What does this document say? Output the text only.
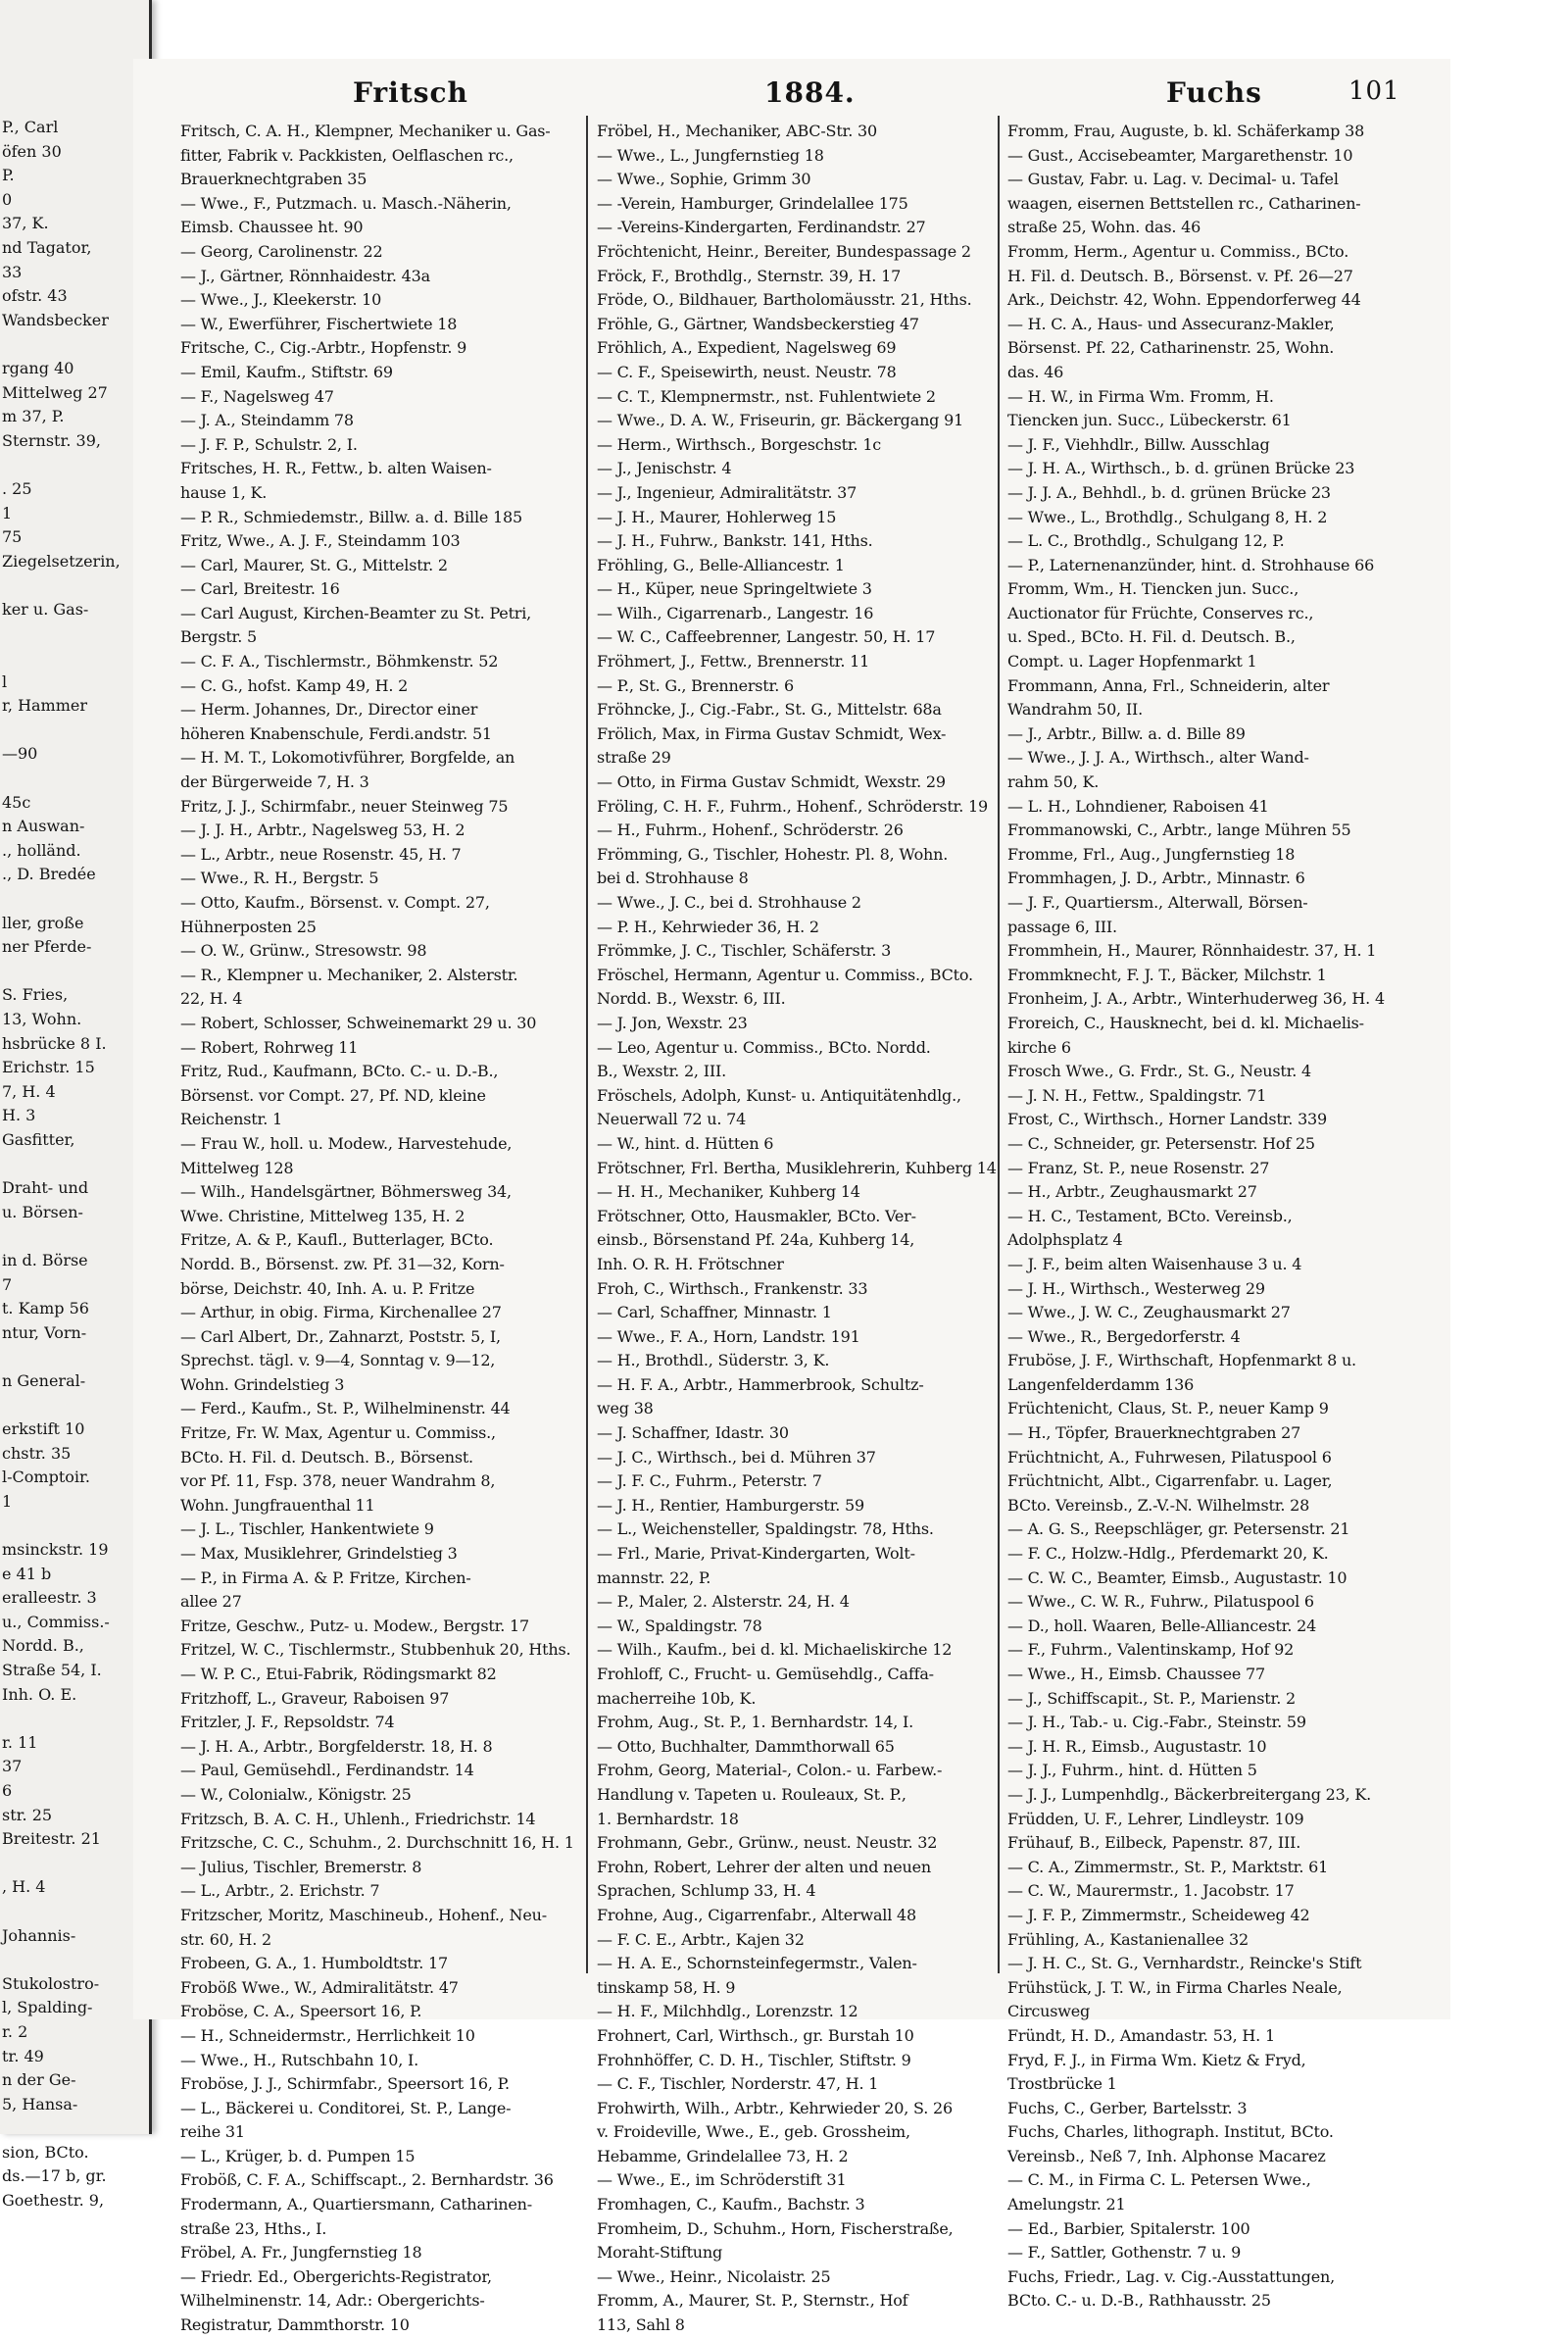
P., Carl
öfen 30
P.
0
37, K.
nd Tagator,
33
ofstr. 43
Wandsbecker
rgang 40
Mittelweg 27
m 37, P.
Sternstr. 39,
. 25
1
75
Ziegelsetzerin,
ker u. Gas-
l
r, Hammer
—90
45c
n Auswan-
., holländ.
., D. Bredée
ller, große
ner Pferde-
S. Fries,
13, Wohn.
hsbrücke 8 I.
Erichstr. 15
7, H. 4
H. 3
Gasfitter,
Draht- und
u. Börsen-
in d. Börse
7
t. Kamp 56
ntur, Vorn-
n General-
erkstift 10
chstr. 35
l-Comptoir.
1
msinckstr. 19
e 41 b
eralleestr. 3
u., Commiss.-
Nordd. B.,
Straße 54, I.
Inh. O. E.
r. 11
37
6
str. 25
Breitestr. 21
, H. 4
Johannis-
Stukolostro-
l, Spalding-
r. 2
tr. 49
n der Ge-
5, Hansa-
sion, BCto.
ds.—17 b, gr.
Goethestr. 9,
Fritsch	1884.	Fuchs	101
Fritsch, C. A. H., Klempner, Mechaniker u. Gas-
fitter, Fabrik v. Packkisten, Oelflaschen rc.,
Brauerknechtgraben 35
— Wwe., F., Putzmach. u. Masch.-Näherin,
Eimsb. Chaussee ht. 90
— Georg, Carolinenstr. 22
— J., Gärtner, Rönnhaidestr. 43a
— Wwe., J., Kleekerstr. 10
— W., Ewerführer, Fischertwiete 18
Fritsche, C., Cig.-Arbtr., Hopfenstr. 9
— Emil, Kaufm., Stiftstr. 69
— F., Nagelsweg 47
— J. A., Steindamm 78
— J. F. P., Schulstr. 2, I.
Fritsches, H. R., Fettw., b. alten Waisen-
hause 1, K.
— P. R., Schmiedemstr., Billw. a. d. Bille 185
Fritz, Wwe., A. J. F., Steindamm 103
— Carl, Maurer, St. G., Mittelstr. 2
— Carl, Breitestr. 16
— Carl August, Kirchen-Beamter zu St. Petri,
Bergstr. 5
— C. F. A., Tischlermstr., Böhmkenstr. 52
— C. G., hofst. Kamp 49, H. 2
— Herm. Johannes, Dr., Director einer
höheren Knabenschule, Ferdi.andstr. 51
— H. M. T., Lokomotivführer, Borgfelde, an
der Bürgerweide 7, H. 3
Fritz, J. J., Schirmfabr., neuer Steinweg 75
— J. J. H., Arbtr., Nagelsweg 53, H. 2
— L., Arbtr., neue Rosenstr. 45, H. 7
— Wwe., R. H., Bergstr. 5
— Otto, Kaufm., Börsenst. v. Compt. 27,
Hühnerposten 25
— O. W., Grünw., Stresowstr. 98
— R., Klempner u. Mechaniker, 2. Alsterstr.
22, H. 4
— Robert, Schlosser, Schweinemarkt 29 u. 30
— Robert, Rohrweg 11
Fritz, Rud., Kaufmann, BCto. C.- u. D.-B.,
Börsenst. vor Compt. 27, Pf. ND, kleine
Reichenstr. 1
— Frau W., holl. u. Modew., Harvestehude,
Mittelweg 128
— Wilh., Handelsgärtner, Böhmersweg 34,
Wwe. Christine, Mittelweg 135, H. 2
Fritze, A. & P., Kaufl., Butterlager, BCto.
Nordd. B., Börsenst. zw. Pf. 31—32, Korn-
börse, Deichstr. 40, Inh. A. u. P. Fritze
— Arthur, in obig. Firma, Kirchenallee 27
— Carl Albert, Dr., Zahnarzt, Poststr. 5, I,
Sprechst. tägl. v. 9—4, Sonntag v. 9—12,
Wohn. Grindelstieg 3
— Ferd., Kaufm., St. P., Wilhelminenstr. 44
Fritze, Fr. W. Max, Agentur u. Commiss.,
BCto. H. Fil. d. Deutsch. B., Börsenst.
vor Pf. 11, Fsp. 378, neuer Wandrahm 8,
Wohn. Jungfrauenthal 11
— J. L., Tischler, Hankentwiete 9
— Max, Musiklehrer, Grindelstieg 3
— P., in Firma A. & P. Fritze, Kirchen-
allee 27
Fritze, Geschw., Putz- u. Modew., Bergstr. 17
Fritzel, W. C., Tischlermstr., Stubbenhuk 20, Hths.
— W. P. C., Etui-Fabrik, Rödingsmarkt 82
Fritzhoff, L., Graveur, Raboisen 97
Fritzler, J. F., Repsoldstr. 74
— J. H. A., Arbtr., Borgfelderstr. 18, H. 8
— Paul, Gemüsehdl., Ferdinandstr. 14
— W., Colonialw., Königstr. 25
Fritzsch, B. A. C. H., Uhlenh., Friedrichstr. 14
Fritzsche, C. C., Schuhm., 2. Durchschnitt 16, H. 1
— Julius, Tischler, Bremerstr. 8
— L., Arbtr., 2. Erichstr. 7
Fritzscher, Moritz, Maschineub., Hohenf., Neu-
str. 60, H. 2
Frobeen, G. A., 1. Humboldtstr. 17
Froböß Wwe., W., Admiralitätstr. 47
Froböse, C. A., Speersort 16, P.
— H., Schneidermstr., Herrlichkeit 10
— Wwe., H., Rutschbahn 10, I.
Froböse, J. J., Schirmfabr., Speersort 16, P.
— L., Bäckerei u. Conditorei, St. P., Lange-
reihe 31
— L., Krüger, b. d. Pumpen 15
Froböß, C. F. A., Schiffscapt., 2. Bernhardstr. 36
Frodermann, A., Quartiersmann, Catharinen-
straße 23, Hths., I.
Fröbel, A. Fr., Jungfernstieg 18
— Friedr. Ed., Obergerichts-Registrator,
Wilhelminenstr. 14, Adr.: Obergerichts-
Registratur, Dammthorstr. 10
Fröbel, H., Mechaniker, ABC-Str. 30
— Wwe., L., Jungfernstieg 18
— Wwe., Sophie, Grimm 30
— -Verein, Hamburger, Grindelallee 175
— -Vereins-Kindergarten, Ferdinandstr. 27
Fröchtenicht, Heinr., Bereiter, Bundespassage 2
Fröck, F., Brothdlg., Sternstr. 39, H. 17
Fröde, O., Bildhauer, Bartholomäusstr. 21, Hths.
Fröhle, G., Gärtner, Wandsbeckerstieg 47
Fröhlich, A., Expedient, Nagelsweg 69
— C. F., Speisewirth, neust. Neustr. 78
— C. T., Klempnermstr., nst. Fuhlentwiete 2
— Wwe., D. A. W., Friseurin, gr. Bäckergang 91
— Herm., Wirthsch., Borgeschstr. 1c
— J., Jenischstr. 4
— J., Ingenieur, Admiralitätstr. 37
— J. H., Maurer, Hohlerweg 15
— J. H., Fuhrw., Bankstr. 141, Hths.
Fröhling, G., Belle-Alliancestr. 1
— H., Küper, neue Springeltwiete 3
— Wilh., Cigarrenarb., Langestr. 16
— W. C., Caffeebrenner, Langestr. 50, H. 17
Fröhmert, J., Fettw., Brennerstr. 11
— P., St. G., Brennerstr. 6
Fröhncke, J., Cig.-Fabr., St. G., Mittelstr. 68a
Frölich, Max, in Firma Gustav Schmidt, Wex-
straße 29
— Otto, in Firma Gustav Schmidt, Wexstr. 29
Fröling, C. H. F., Fuhrm., Hohenf., Schröderstr. 19
— H., Fuhrm., Hohenf., Schröderstr. 26
Frömming, G., Tischler, Hohestr. Pl. 8, Wohn.
bei d. Strohhause 8
— Wwe., J. C., bei d. Strohhause 2
— P. H., Kehrwieder 36, H. 2
Frömmke, J. C., Tischler, Schäferstr. 3
Fröschel, Hermann, Agentur u. Commiss., BCto.
Nordd. B., Wexstr. 6, III.
— J. Jon, Wexstr. 23
— Leo, Agentur u. Commiss., BCto. Nordd.
B., Wexstr. 2, III.
Fröschels, Adolph, Kunst- u. Antiquitätenhdlg.,
Neuerwall 72 u. 74
— W., hint. d. Hütten 6
Frötschner, Frl. Bertha, Musiklehrerin, Kuhberg 14
— H. H., Mechaniker, Kuhberg 14
Frötschner, Otto, Hausmakler, BCto. Ver-
einsb., Börsenstand Pf. 24a, Kuhberg 14,
Inh. O. R. H. Frötschner
Froh, C., Wirthsch., Frankenstr. 33
— Carl, Schaffner, Minnastr. 1
— Wwe., F. A., Horn, Landstr. 191
— H., Brothdl., Süderstr. 3, K.
— H. F. A., Arbtr., Hammerbrook, Schultz-
weg 38
— J. Schaffner, Idastr. 30
— J. C., Wirthsch., bei d. Mühren 37
— J. F. C., Fuhrm., Peterstr. 7
— J. H., Rentier, Hamburgerstr. 59
— L., Weichensteller, Spaldingstr. 78, Hths.
— Frl., Marie, Privat-Kindergarten, Wolt-
mannstr. 22, P.
— P., Maler, 2. Alsterstr. 24, H. 4
— W., Spaldingstr. 78
— Wilh., Kaufm., bei d. kl. Michaeliskirche 12
Frohloff, C., Frucht- u. Gemüsehdlg., Caffa-
macherreihe 10b, K.
Frohm, Aug., St. P., 1. Bernhardstr. 14, I.
— Otto, Buchhalter, Dammthorwall 65
Frohm, Georg, Material-, Colon.- u. Farbew.-
Handlung v. Tapeten u. Rouleaux, St. P.,
1. Bernhardstr. 18
Frohmann, Gebr., Grünw., neust. Neustr. 32
Frohn, Robert, Lehrer der alten und neuen
Sprachen, Schlump 33, H. 4
Frohne, Aug., Cigarrenfabr., Alterwall 48
— F. C. E., Arbtr., Kajen 32
— H. A. E., Schornsteinfegermstr., Valen-
tinskamp 58, H. 9
— H. F., Milchhdlg., Lorenzstr. 12
Frohnert, Carl, Wirthsch., gr. Burstah 10
Frohnhöffer, C. D. H., Tischler, Stiftstr. 9
— C. F., Tischler, Norderstr. 47, H. 1
Frohwirth, Wilh., Arbtr., Kehrwieder 20, S. 26
v. Froideville, Wwe., E., geb. Grossheim,
Hebamme, Grindelallee 73, H. 2
— Wwe., E., im Schröderstift 31
Fromhagen, C., Kaufm., Bachstr. 3
Fromheim, D., Schuhm., Horn, Fischerstraße,
Moraht-Stiftung
— Wwe., Heinr., Nicolaistr. 25
Fromm, A., Maurer, St. P., Sternstr., Hof
113, Sahl 8
Fromm, Frau, Auguste, b. kl. Schäferkamp 38
— Gust., Accisebeamter, Margarethenstr. 10
— Gustav, Fabr. u. Lag. v. Decimal- u. Tafel
waagen, eisernen Bettstellen rc., Catharinen-
straße 25, Wohn. das. 46
Fromm, Herm., Agentur u. Commiss., BCto.
H. Fil. d. Deutsch. B., Börsenst. v. Pf. 26—27
Ark., Deichstr. 42, Wohn. Eppendorferweg 44
— H. C. A., Haus- und Assecuranz-Makler,
Börsenst. Pf. 22, Catharinenstr. 25, Wohn.
das. 46
— H. W., in Firma Wm. Fromm, H.
Tiencken jun. Succ., Lübeckerstr. 61
— J. F., Viehhdlr., Billw. Ausschlag
— J. H. A., Wirthsch., b. d. grünen Brücke 23
— J. J. A., Behhdl., b. d. grünen Brücke 23
— Wwe., L., Brothdlg., Schulgang 8, H. 2
— L. C., Brothdlg., Schulgang 12, P.
— P., Laternenanzünder, hint. d. Strohhause 66
Fromm, Wm., H. Tiencken jun. Succ.,
Auctionator für Früchte, Conserves rc.,
u. Sped., BCto. H. Fil. d. Deutsch. B.,
Compt. u. Lager Hopfenmarkt 1
Frommann, Anna, Frl., Schneiderin, alter
Wandrahm 50, II.
— J., Arbtr., Billw. a. d. Bille 89
— Wwe., J. J. A., Wirthsch., alter Wand-
rahm 50, K.
— L. H., Lohndiener, Raboisen 41
Frommanowski, C., Arbtr., lange Mühren 55
Fromme, Frl., Aug., Jungfernstieg 18
Frommhagen, J. D., Arbtr., Minnastr. 6
— J. F., Quartiersm., Alterwall, Börsen-
passage 6, III.
Frommhein, H., Maurer, Rönnhaidestr. 37, H. 1
Frommknecht, F. J. T., Bäcker, Milchstr. 1
Fronheim, J. A., Arbtr., Winterhuderweg 36, H. 4
Froreich, C., Hausknecht, bei d. kl. Michaelis-
kirche 6
Frosch Wwe., G. Frdr., St. G., Neustr. 4
— J. N. H., Fettw., Spaldingstr. 71
Frost, C., Wirthsch., Horner Landstr. 339
— C., Schneider, gr. Petersenstr. Hof 25
— Franz, St. P., neue Rosenstr. 27
— H., Arbtr., Zeughausmarkt 27
— H. C., Testament, BCto. Vereinsb.,
Adolphsplatz 4
— J. F., beim alten Waisenhause 3 u. 4
— J. H., Wirthsch., Westerweg 29
— Wwe., J. W. C., Zeughausmarkt 27
— Wwe., R., Bergedorferstr. 4
Fruböse, J. F., Wirthschaft, Hopfenmarkt 8 u.
Langenfelderdamm 136
Früchtenicht, Claus, St. P., neuer Kamp 9
— H., Töpfer, Brauerknechtgraben 27
Früchtnicht, A., Fuhrwesen, Pilatuspool 6
Früchtnicht, Albt., Cigarrenfabr. u. Lager,
BCto. Vereinsb., Z.-V.-N. Wilhelmstr. 28
— A. G. S., Reepschläger, gr. Petersenstr. 21
— F. C., Holzw.-Hdlg., Pferdemarkt 20, K.
— C. W. C., Beamter, Eimsb., Augustastr. 10
— Wwe., C. W. R., Fuhrw., Pilatuspool 6
— D., holl. Waaren, Belle-Alliancestr. 24
— F., Fuhrm., Valentinskamp, Hof 92
— Wwe., H., Eimsb. Chaussee 77
— J., Schiffscapit., St. P., Marienstr. 2
— J. H., Tab.- u. Cig.-Fabr., Steinstr. 59
— J. H. R., Eimsb., Augustastr. 10
— J. J., Fuhrm., hint. d. Hütten 5
— J. J., Lumpenhdlg., Bäckerbreitergang 23, K.
Früdden, U. F., Lehrer, Lindleystr. 109
Frühauf, B., Eilbeck, Papenstr. 87, III.
— C. A., Zimmermstr., St. P., Marktstr. 61
— C. W., Maurermstr., 1. Jacobstr. 17
— J. F. P., Zimmermstr., Scheideweg 42
Frühling, A., Kastanienallee 32
— J. H. C., St. G., Vernhardstr., Reincke's Stift
Frühstück, J. T. W., in Firma Charles Neale,
Circusweg
Fründt, H. D., Amandastr. 53, H. 1
Fryd, F. J., in Firma Wm. Kietz & Fryd,
Trostbrücke 1
Fuchs, C., Gerber, Bartelsstr. 3
Fuchs, Charles, lithograph. Institut, BCto.
Vereinsb., Neß 7, Inh. Alphonse Macarez
— C. M., in Firma C. L. Petersen Wwe.,
Amelungstr. 21
— Ed., Barbier, Spitalerstr. 100
— F., Sattler, Gothenstr. 7 u. 9
Fuchs, Friedr., Lag. v. Cig.-Ausstattungen,
BCto. C.- u. D.-B., Rathhausstr. 25
